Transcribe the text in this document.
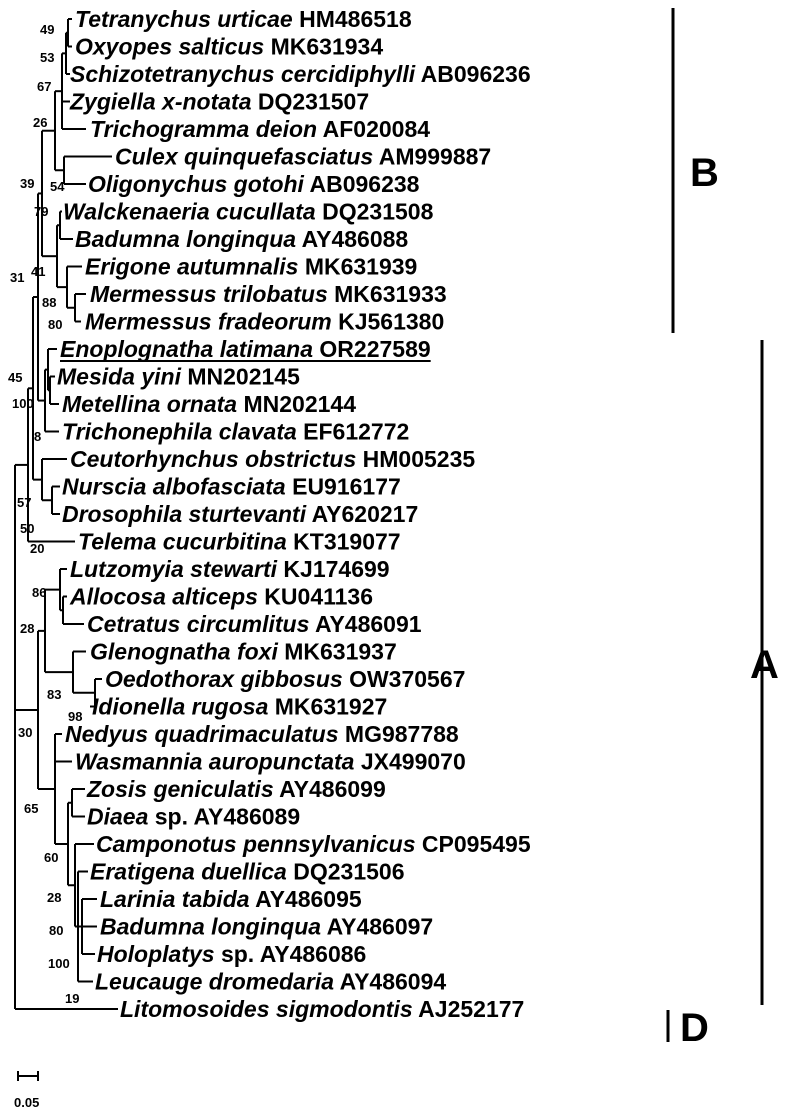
Tetranychus urticae HM486518
Oxyopes salticus MK631934
Schizotetranychus cercidiphylli AB096236
Zygiella x-notata DQ231507
Trichogramma deion AF020084
Culex quinquefasciatus AM999887
Oligonychus gotohi AB096238
Walckenaeria cucullata DQ231508
Badumna longinqua AY486088
Erigone autumnalis MK631939
Mermessus trilobatus MK631933
Mermessus fradeorum KJ561380
Enoplognatha latimana OR227589
Mesida yini MN202145
Metellina ornata MN202144
Trichonephila clavata EF612772
Ceutorhynchus obstrictus HM005235
Nurscia albofasciata EU916177
Drosophila sturtevanti AY620217
Telema cucurbitina KT319077
Lutzomyia stewarti KJ174699
Allocosa alticeps KU041136
Cetratus circumlitus AY486091
Glenognatha foxi MK631937
Oedothorax gibbosus OW370567
Idionella rugosa MK631927
Nedyus quadrimaculatus MG987788
Wasmannia auropunctata JX499070
Zosis geniculatis AY486099
Diaea sp. AY486089
Camponotus pennsylvanicus CP095495
Eratigena duellica DQ231506
Larinia tabida AY486095
Badumna longinqua AY486097
Holoplatys sp. AY486086
Leucauge dromedaria AY486094
Litomosoides sigmodontis AJ252177
49
53
67
26
39 54
79
41
31
88
80
45
100
8
57
50
20
86
28
83
98
30
65
60
28
80
100
19
B
A
D
0.05
